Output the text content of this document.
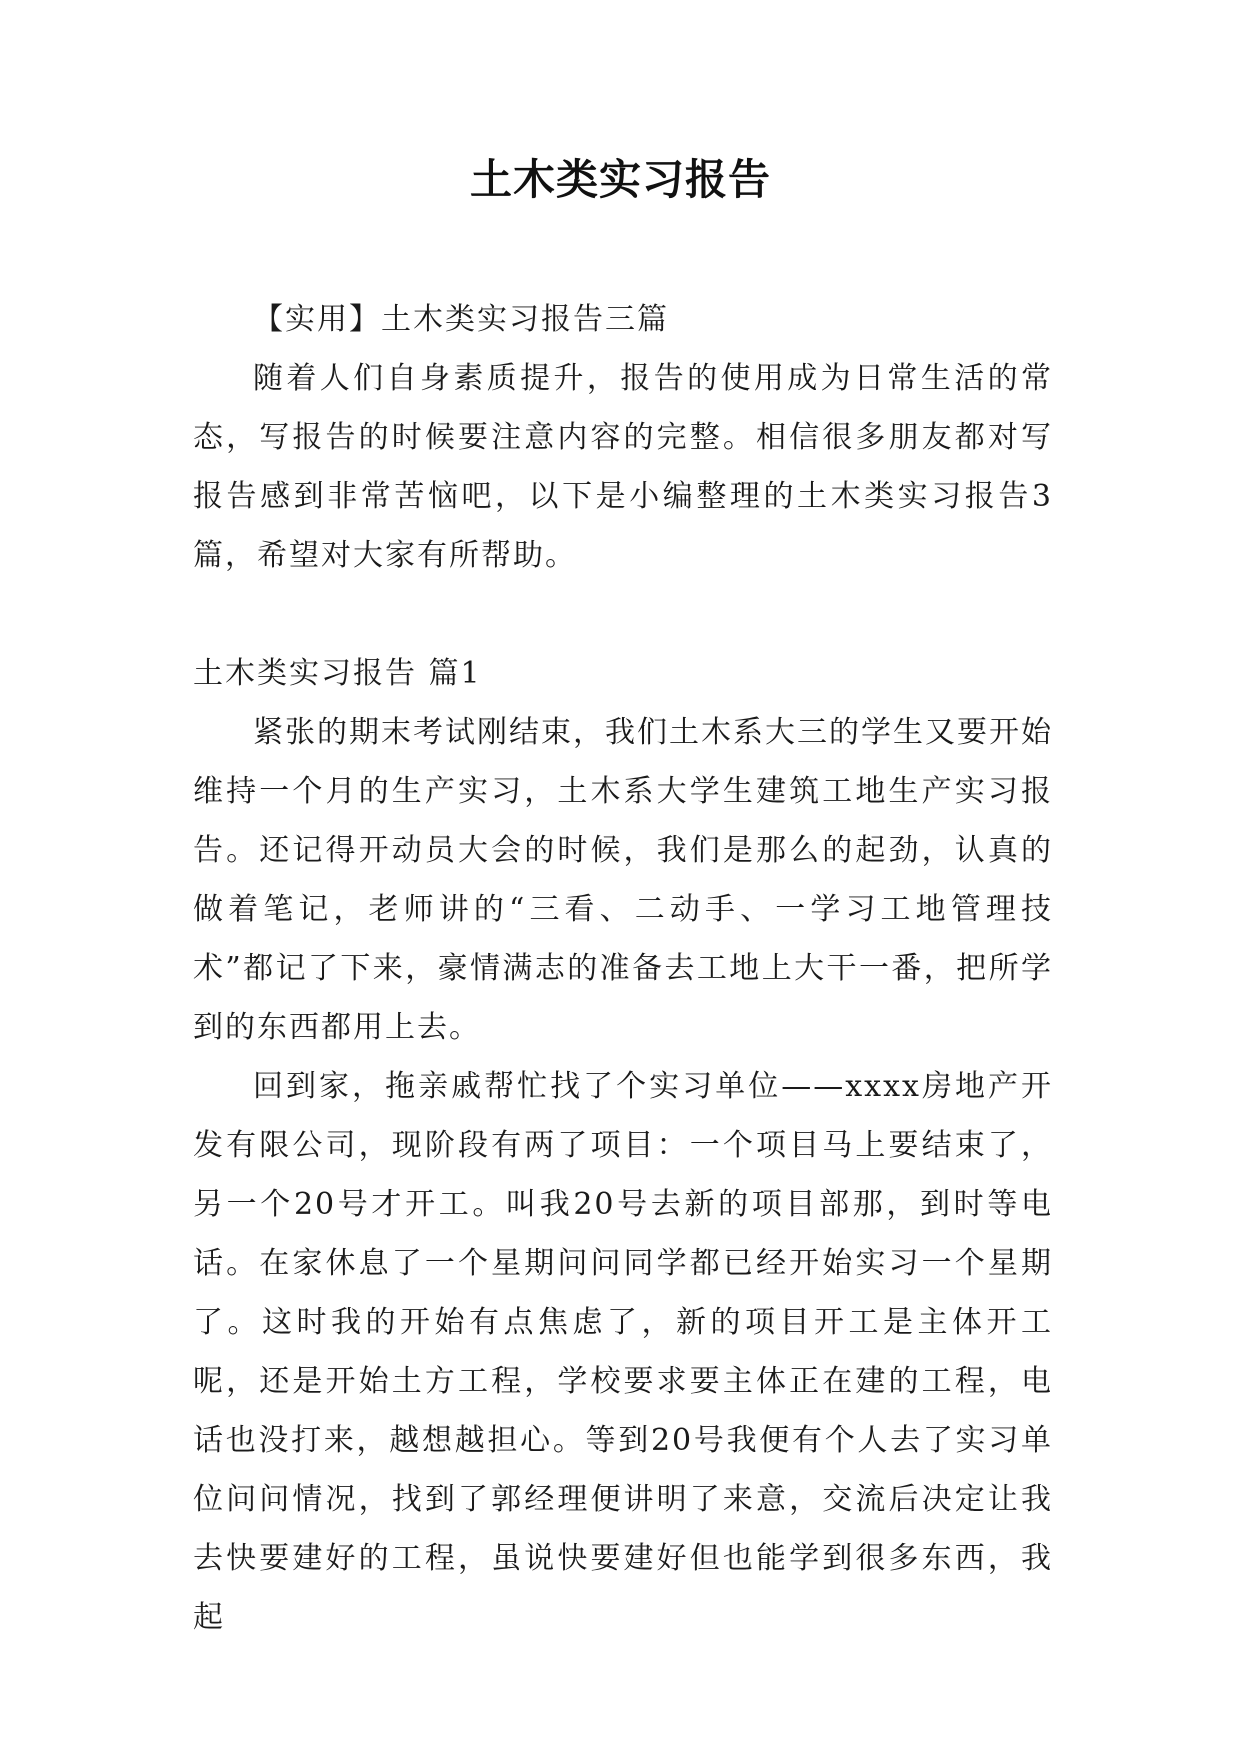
土木类实习报告

【实用】土木类实习报告三篇

随着人们自身素质提升，报告的使用成为日常生活的常态，写报告的时候要注意内容的完整。相信很多朋友都对写报告感到非常苦恼吧，以下是小编整理的土木类实习报告3篇，希望对大家有所帮助。

土木类实习报告 篇1

紧张的期末考试刚结束，我们土木系大三的学生又要开始维持一个月的生产实习，土木系大学生建筑工地生产实习报告。还记得开动员大会的时候，我们是那么的起劲，认真的做着笔记，老师讲的“三看、二动手、一学习工地管理技术”都记了下来，豪情满志的准备去工地上大干一番，把所学到的东西都用上去。

回到家，拖亲戚帮忙找了个实习单位——xxxx房地产开发有限公司，现阶段有两了项目：一个项目马上要结束了，另一个20号才开工。叫我20号去新的项目部那，到时等电话。在家休息了一个星期问问同学都已经开始实习一个星期了。这时我的开始有点焦虑了，新的项目开工是主体开工呢，还是开始土方工程，学校要求要主体正在建的工程，电话也没打来，越想越担心。等到20号我便有个人去了实习单位问问情况，找到了郭经理便讲明了来意，交流后决定让我去快要建好的工程，虽说快要建好但也能学到很多东西，我起
